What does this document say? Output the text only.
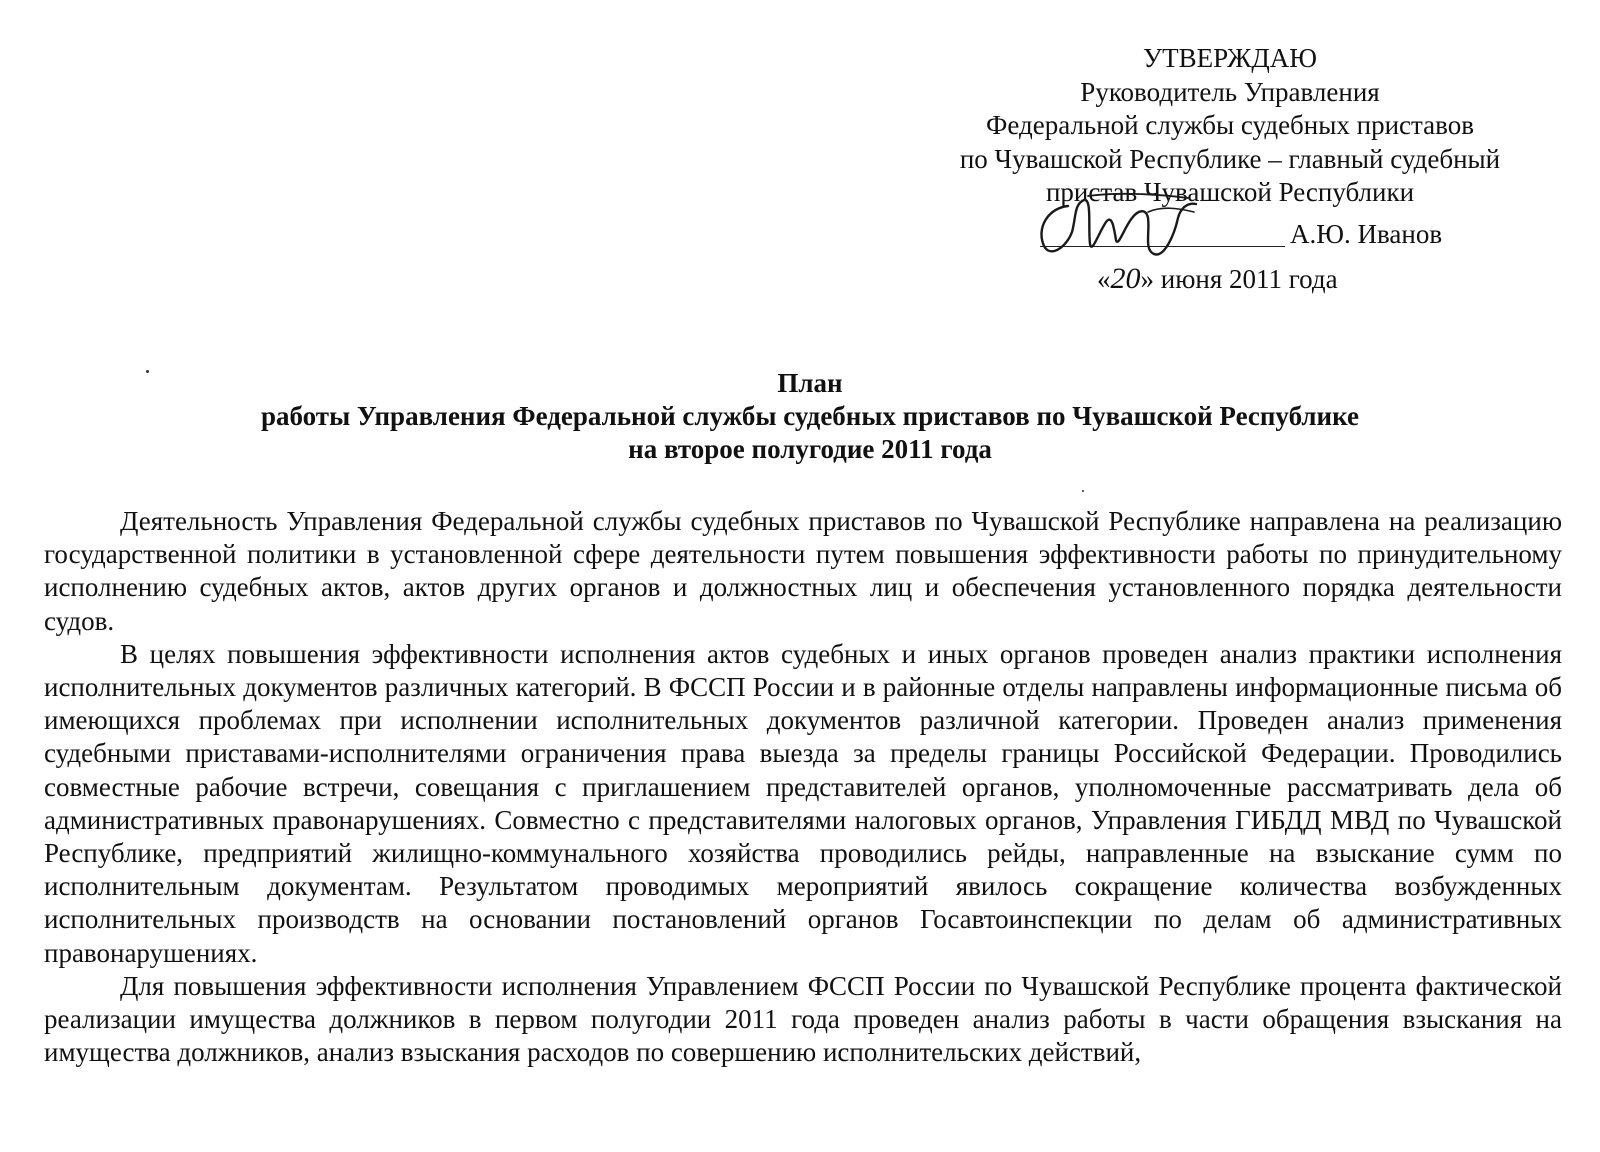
УТВЕРЖДАЮ
Руководитель Управления
Федеральной службы судебных приставов
по Чувашской Республике – главный судебный
пристав Чувашской Республики
А.Ю. Иванов
«20» июня 2011 года
План
работы Управления Федеральной службы судебных приставов по Чувашской Республике
на второе полугодие 2011 года

Деятельность Управления Федеральной службы судебных приставов по Чувашской Республике направлена на реализацию государственной политики в установленной сфере деятельности путем повышения эффективности работы по принудительному исполнению судебных актов, актов других органов и должностных лиц и обеспечения установленного порядка деятельности судов.

В целях повышения эффективности исполнения актов судебных и иных органов проведен анализ практики исполнения исполнительных документов различных категорий. В ФССП России и в районные отделы направлены информационные письма об имеющихся проблемах при исполнении исполнительных документов различной категории. Проведен анализ применения судебными приставами-исполнителями ограничения права выезда за пределы границы Российской Федерации. Проводились совместные рабочие встречи, совещания с приглашением представителей органов, уполномоченные рассматривать дела об административных правонарушениях. Совместно с представителями налоговых органов, Управления ГИБДД МВД по Чувашской Республике, предприятий жилищно-коммунального хозяйства проводились рейды, направленные на взыскание сумм по исполнительным документам. Результатом проводимых мероприятий явилось сокращение количества возбужденных исполнительных производств на основании постановлений органов Госавтоинспекции по делам об административных правонарушениях.

Для повышения эффективности исполнения Управлением ФССП России по Чувашской Республике процента фактической реализации имущества должников в первом полугодии 2011 года проведен анализ работы в части обращения взыскания на имущества должников, анализ взыскания расходов по совершению исполнительских действий,
